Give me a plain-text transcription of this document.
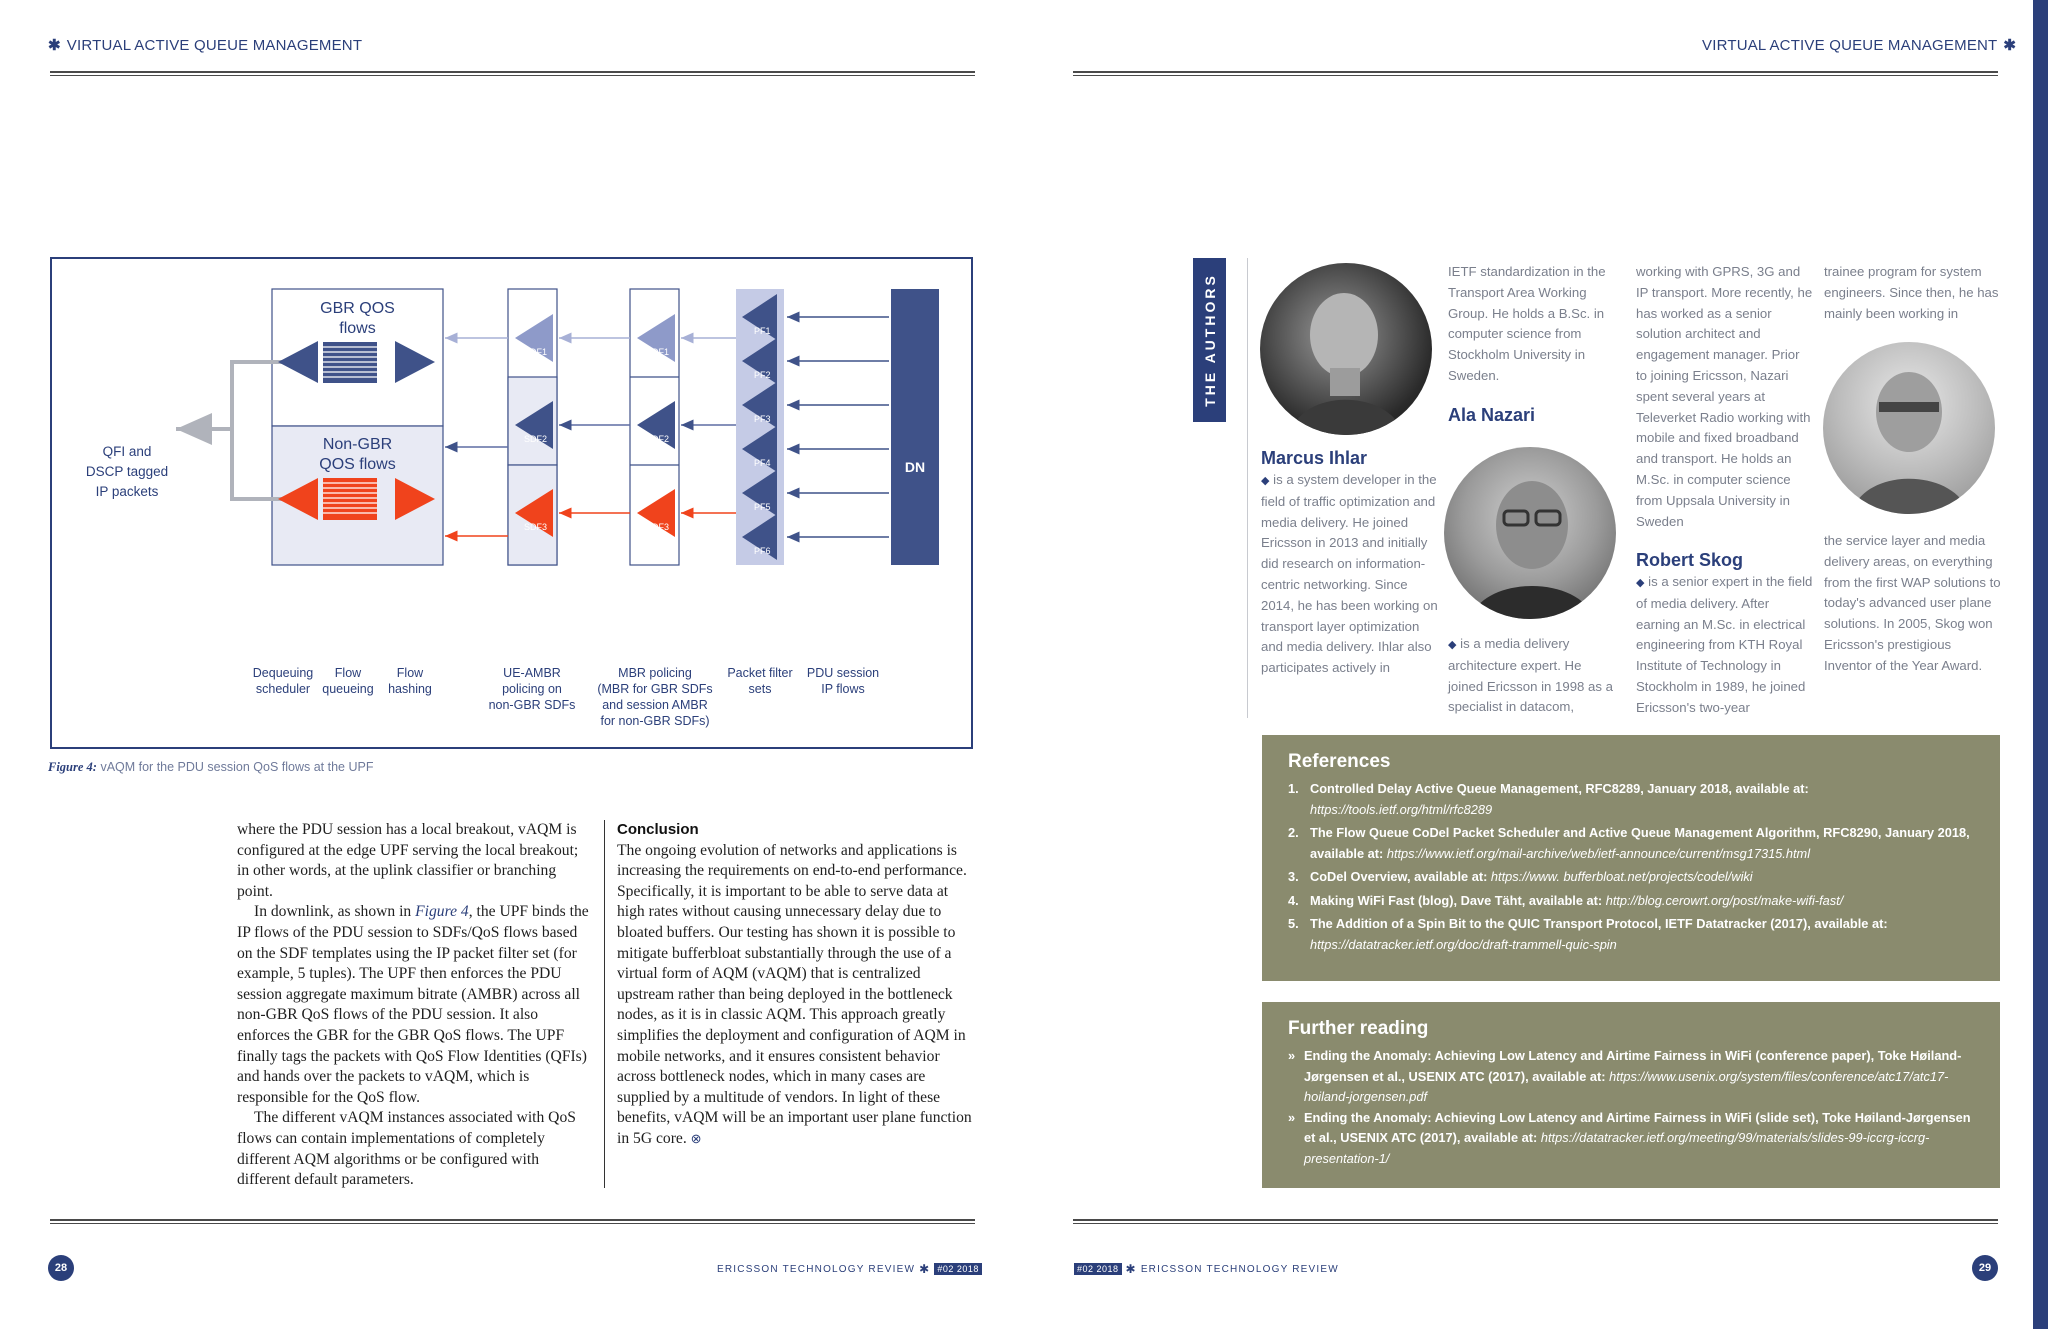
✱ VIRTUAL ACTIVE QUEUE MANAGEMENT
GBR QOS
flows
Non-GBR
QOS flows
QFI and
DSCP tagged
IP packets
DN
SDF1
SDF2
SDF3
SDF1
SDF2
SDF3
PF1
PF2
PF3
PF4
PF5
PF6
Dequeuing
scheduler
Flow
queueing
Flow
hashing
UE-AMBR
policing on
non-GBR SDFs
MBR policing
(MBR for GBR SDFs
and session AMBR
for non-GBR SDFs)
Packet filter
sets
PDU session
IP flows
Figure 4: vAQM for the PDU session QoS flows at the UPF
where the PDU session has a local breakout, vAQM is configured at the edge UPF serving the local breakout; in other words, at the uplink classifier or branching point.
In downlink, as shown in Figure 4, the UPF binds the IP flows of the PDU session to SDFs/QoS flows based on the SDF templates using the IP packet filter set (for example, 5 tuples). The UPF then enforces the PDU session aggregate maximum bitrate (AMBR) across all non-GBR QoS flows of the PDU session. It also enforces the GBR for the GBR QoS flows. The UPF finally tags the packets with QoS Flow Identities (QFIs) and hands over the packets to vAQM, which is responsible for the QoS flow.
The different vAQM instances associated with QoS flows can contain implementations of completely different AQM algorithms or be configured with different default parameters.
Conclusion
The ongoing evolution of networks and applications is increasing the requirements on end-to-end performance. Specifically, it is important to be able to serve data at high rates without causing unnecessary delay due to bloated buffers. Our testing has shown it is possible to mitigate bufferbloat substantially through the use of a virtual form of AQM (vAQM) that is centralized upstream rather than being deployed in the bottleneck nodes, as it is in classic AQM. This approach greatly simplifies the deployment and configuration of AQM in mobile networks, and it ensures consistent behavior across bottleneck nodes, which in many cases are supplied by a multitude of vendors. In light of these benefits, vAQM will be an important user plane function in 5G core. ⊗
28	ERICSSON TECHNOLOGY REVIEW ✱ #02 2018
VIRTUAL ACTIVE QUEUE MANAGEMENT ✱
THE AUTHORS
Marcus Ihlar
◆ is a system developer in the field of traffic optimization and media delivery. He joined Ericsson in 2013 and initially did research on information-centric networking. Since 2014, he has been working on transport layer optimization and media delivery. Ihlar also participates actively in
IETF standardization in the Transport Area Working Group. He holds a B.Sc. in computer science from Stockholm University in Sweden.
Ala Nazari
◆ is a media delivery architecture expert. He joined Ericsson in 1998 as a specialist in datacom,
working with GPRS, 3G and IP transport. More recently, he has worked as a senior solution architect and engagement manager. Prior to joining Ericsson, Nazari spent several years at Televerket Radio working with mobile and fixed broadband and transport. He holds an M.Sc. in computer science from Uppsala University in Sweden
Robert Skog
◆ is a senior expert in the field of media delivery. After earning an M.Sc. in electrical engineering from KTH Royal Institute of Technology in Stockholm in 1989, he joined Ericsson's two-year
trainee program for system engineers. Since then, he has mainly been working in
the service layer and media delivery areas, on everything from the first WAP solutions to today's advanced user plane solutions. In 2005, Skog won Ericsson's prestigious Inventor of the Year Award.
References
1. Controlled Delay Active Queue Management, RFC8289, January 2018, available at: https://tools.ietf.org/html/rfc8289
2. The Flow Queue CoDel Packet Scheduler and Active Queue Management Algorithm, RFC8290, January 2018, available at: https://www.ietf.org/mail-archive/web/ietf-announce/current/msg17315.html
3. CoDel Overview, available at: https://www. bufferbloat.net/projects/codel/wiki
4. Making WiFi Fast (blog), Dave Täht, available at: http://blog.cerowrt.org/post/make-wifi-fast/
5. The Addition of a Spin Bit to the QUIC Transport Protocol, IETF Datatracker (2017), available at: https://datatracker.ietf.org/doc/draft-trammell-quic-spin
Further reading
» Ending the Anomaly: Achieving Low Latency and Airtime Fairness in WiFi (conference paper), Toke Høiland-Jørgensen et al., USENIX ATC (2017), available at: https://www.usenix.org/system/files/conference/atc17/atc17-hoiland-jorgensen.pdf
» Ending the Anomaly: Achieving Low Latency and Airtime Fairness in WiFi (slide set), Toke Høiland-Jørgensen et al., USENIX ATC (2017), available at: https://datatracker.ietf.org/meeting/99/materials/slides-99-iccrg-iccrg-presentation-1/
#02 2018 ✱ ERICSSON TECHNOLOGY REVIEW	29
